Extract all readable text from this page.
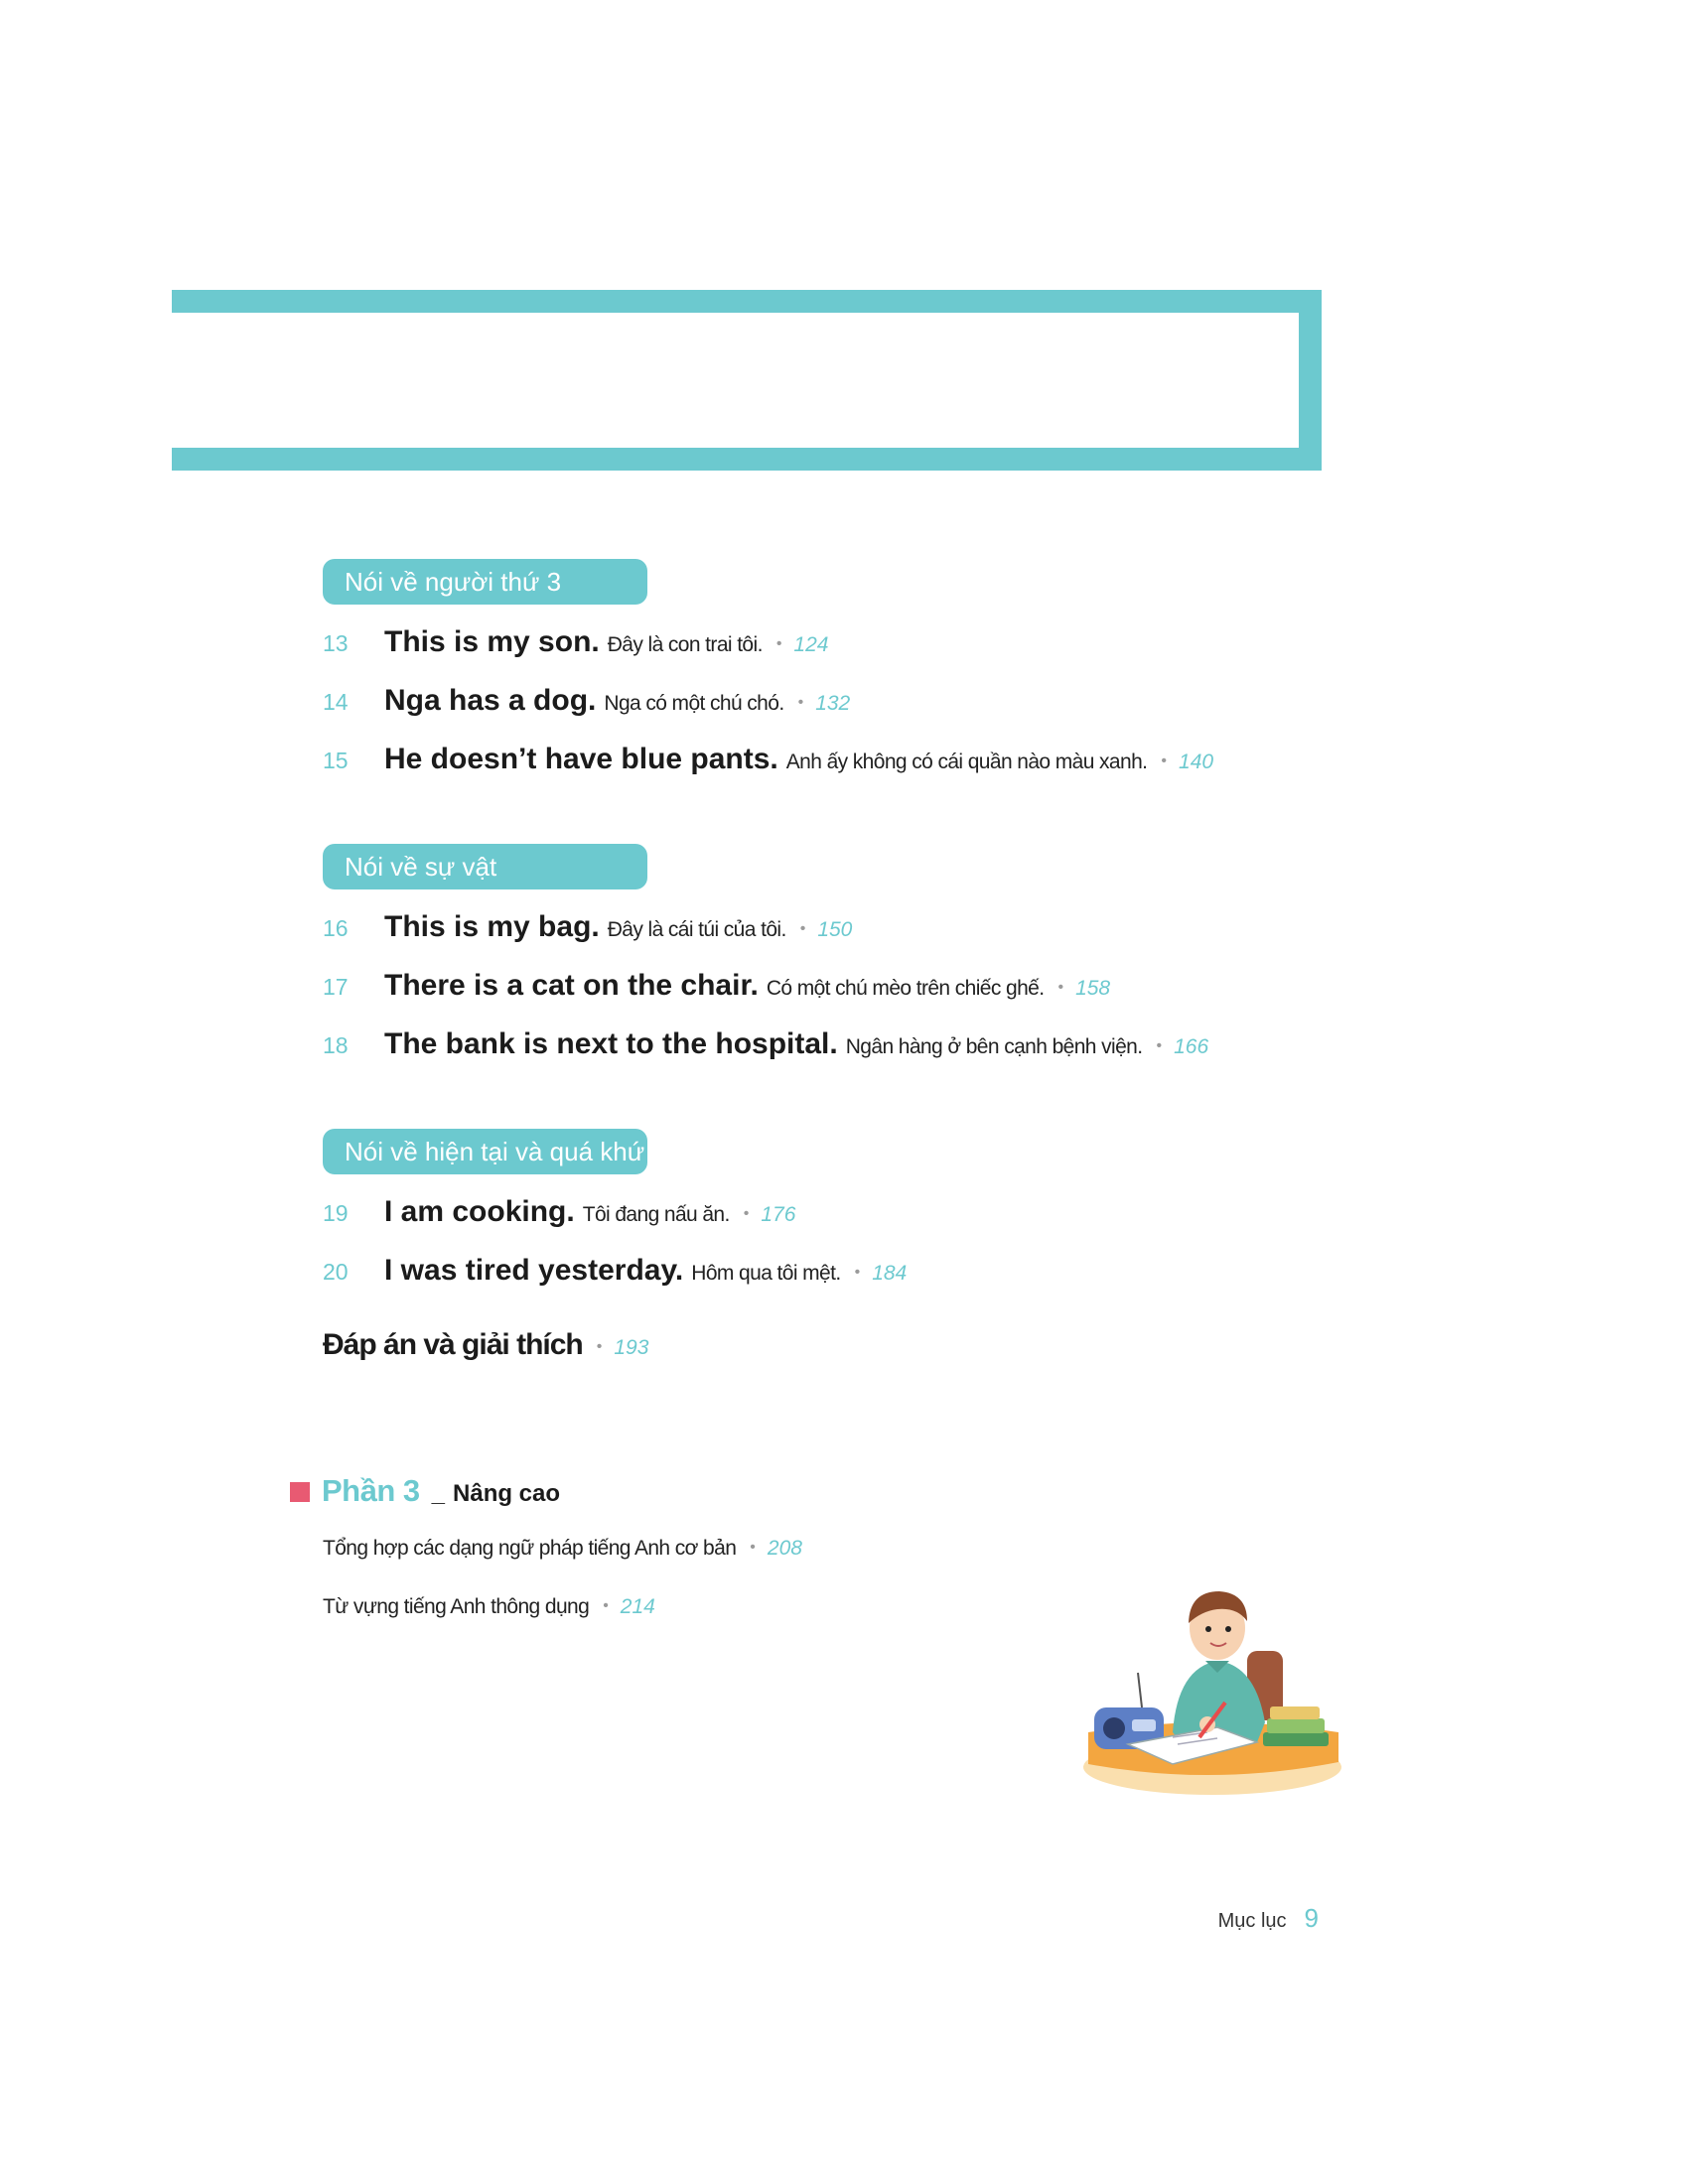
Nói về người thứ 3
13	This is my son. Đây là con trai tôi. • 124
14	Nga has a dog. Nga có một chú chó. • 132
15	He doesn’t have blue pants. Anh ấy không có cái quần nào màu xanh. • 140
Nói về sự vật
16	This is my bag. Đây là cái túi của tôi. • 150
17	There is a cat on the chair. Có một chú mèo trên chiếc ghế. • 158
18	The bank is next to the hospital. Ngân hàng ở bên cạnh bệnh viện. • 166
Nói về hiện tại và quá khứ
19	I am cooking. Tôi đang nấu ăn. • 176
20	I was tired yesterday. Hôm qua tôi mệt. • 184
Đáp án và giải thích • 193
Phần 3 _ Nâng cao
Tổng hợp các dạng ngữ pháp tiếng Anh cơ bản • 208
Từ vựng tiếng Anh thông dụng • 214
Mục lục 9
